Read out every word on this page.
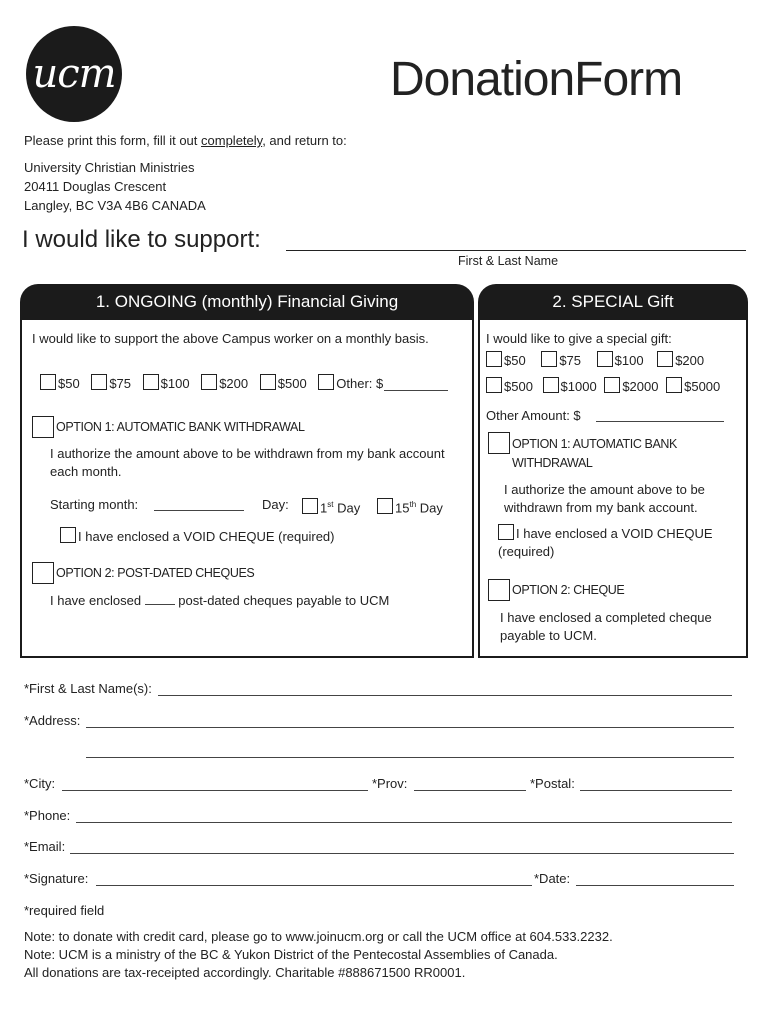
ucm	DonationForm
Please print this form, fill it out completely, and return to:
University Christian Ministries
20411 Douglas Crescent
Langley, BC V3A 4B6 CANADA
I would like to support:
First & Last Name
1. ONGOING (monthly) Financial Giving
I would like to support the above Campus worker on a monthly basis.
$50 $75 $100 $200 $500 Other: $
OPTION 1: AUTOMATIC BANK WITHDRAWAL
I authorize the amount above to be withdrawn from my bank account each month.
Starting month:	Day:	1st Day	15th Day
I have enclosed a VOID CHEQUE (required)
OPTION 2: POST-DATED CHEQUES
I have enclosed  post-dated cheques payable to UCM
2. SPECIAL Gift
I would like to give a special gift:
$50	$75	$100 $200
$500 $1000 $2000 $5000
Other Amount: $
OPTION 1: AUTOMATIC BANK WITHDRAWAL
I authorize the amount above to be withdrawn from my bank account.
I have enclosed a VOID CHEQUE (required)
OPTION 2: CHEQUE
I have enclosed a completed cheque payable to UCM.
*First & Last Name(s):
*Address:
*City:	*Prov:	*Postal:
*Phone:
*Email:
*Signature:	*Date:
*required field
Note: to donate with credit card, please go to www.joinucm.org or call the UCM office at 604.533.2232.
Note: UCM is a ministry of the BC & Yukon District of the Pentecostal Assemblies of Canada.
All donations are tax-receipted accordingly. Charitable #888671500 RR0001.
